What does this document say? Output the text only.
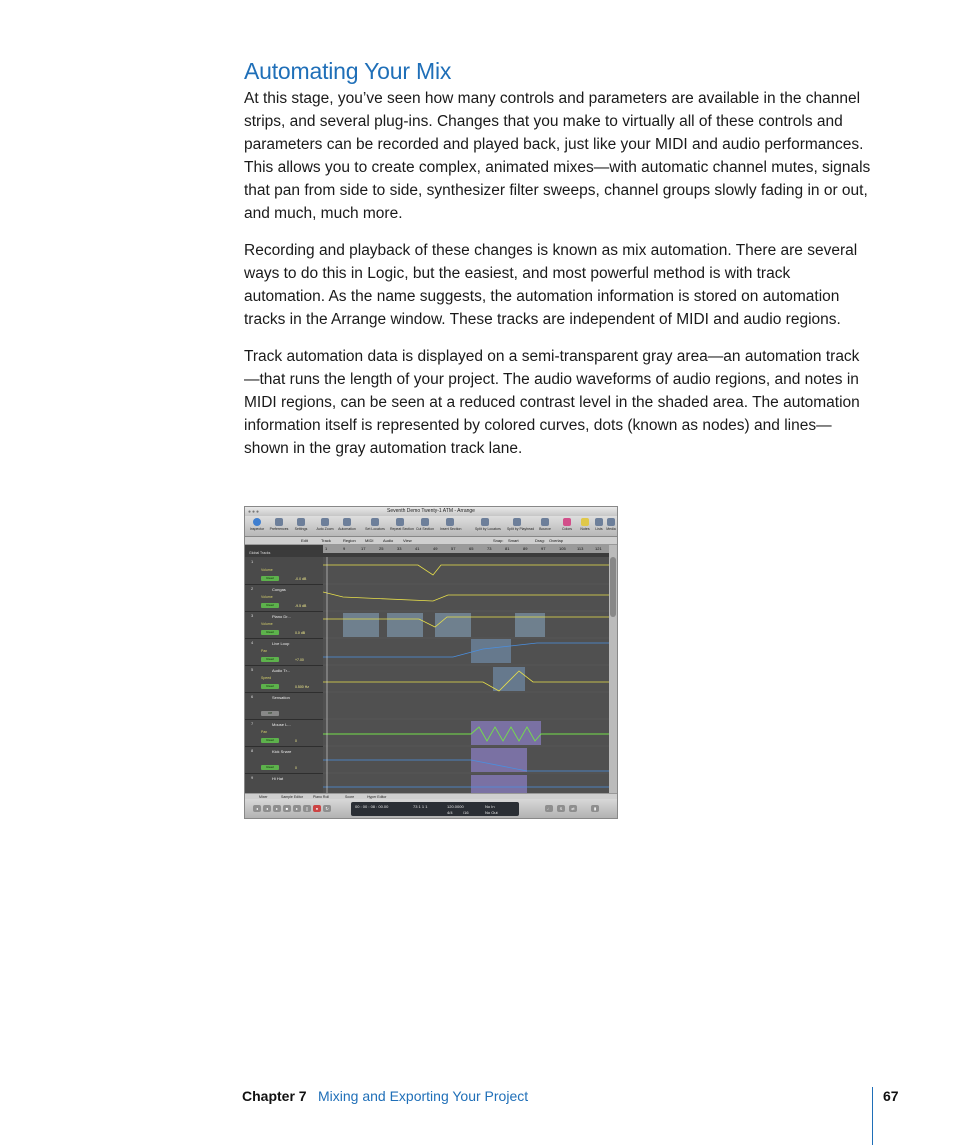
Automating Your Mix

At this stage, you’ve seen how many controls and parameters are available in the channel strips, and several plug-ins. Changes that you make to virtually all of these controls and parameters can be recorded and played back, just like your MIDI and audio performances. This allows you to create complex, animated mixes—with automatic channel mutes, signals that pan from side to side, synthesizer filter sweeps, channel groups slowly fading in or out, and much, much more.

Recording and playback of these changes is known as mix automation. There are several ways to do this in Logic, but the easiest, and most powerful method is with track automation. As the name suggests, the automation information is stored on automation tracks in the Arrange window. These tracks are independent of MIDI and audio regions.

Track automation data is displayed on a semi-transparent gray area—an automation track—that runs the length of your project. The audio waveforms of audio regions, and notes in MIDI regions, can be seen at a reduced contrast level in the shaded area. The automation information itself is represented by colored curves, dots (known as nodes) and lines—shown in the gray automation track lane.

●●●	Seventh Demo Twenty-1 ATM - Arrange
Inspector	Preferences	Settings	Auto Zoom	Automation	Set Locators Repeat Section Cut Section Insert Section	Split by Locators Split by Playhead	Bounce	Colors	Notes	Lists	Media
Edit	Track	Region MIDI Audio View	Snap: Smart	Drag: Overlap
1	9	17	25	33	41	49	57	65	73	81	89	97	105	113	121
Global Tracks
1
Volume
Read	-0.0 dB
2	Congas
Volume
Read	-9.5 dB
3	Piano Dr...
Volume
Read	0.0 dB
4	Live Loop
Pan
Read	+7.00
5	Audio Tr...
Speed
Read	0.500 Hz
6	Sensation
Off
7	Mouse L...
Pan
Read	0
8	Kick Snare
Read	0
9	Hi Hat
Mixer	Sample Editor	Piano Roll	Score	Hyper Editor
◂	◂	▸	■	▸	∥	●	↻	00 : 00 : 08 : 00.00	73 1 1 1	120.0000
4/4	/16
No In
No Out
♩	S	⇄	▮
Chapter 7 Mixing and Exporting Your Project	67
